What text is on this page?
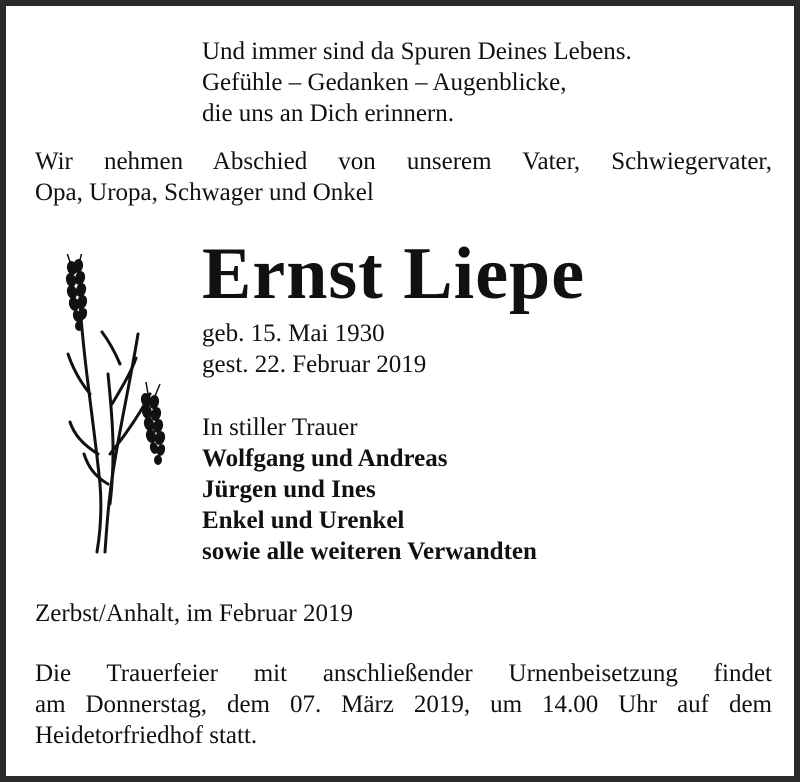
Und immer sind da Spuren Deines Lebens.
Gefühle – Gedanken – Augenblicke,
die uns an Dich erinnern.
Wir nehmen Abschied von unserem Vater, Schwiegervater,
Opa, Uropa, Schwager und Onkel
Ernst Liepe
geb. 15. Mai 1930
gest. 22. Februar 2019
In stiller Trauer
Wolfgang und Andreas
Jürgen und Ines
Enkel und Urenkel
sowie alle weiteren Verwandten
Zerbst/Anhalt, im Februar 2019
Die Trauerfeier mit anschließender Urnenbeisetzung findet
am Donnerstag, dem 07. März 2019, um 14.00 Uhr auf dem
Heidetorfriedhof statt.
